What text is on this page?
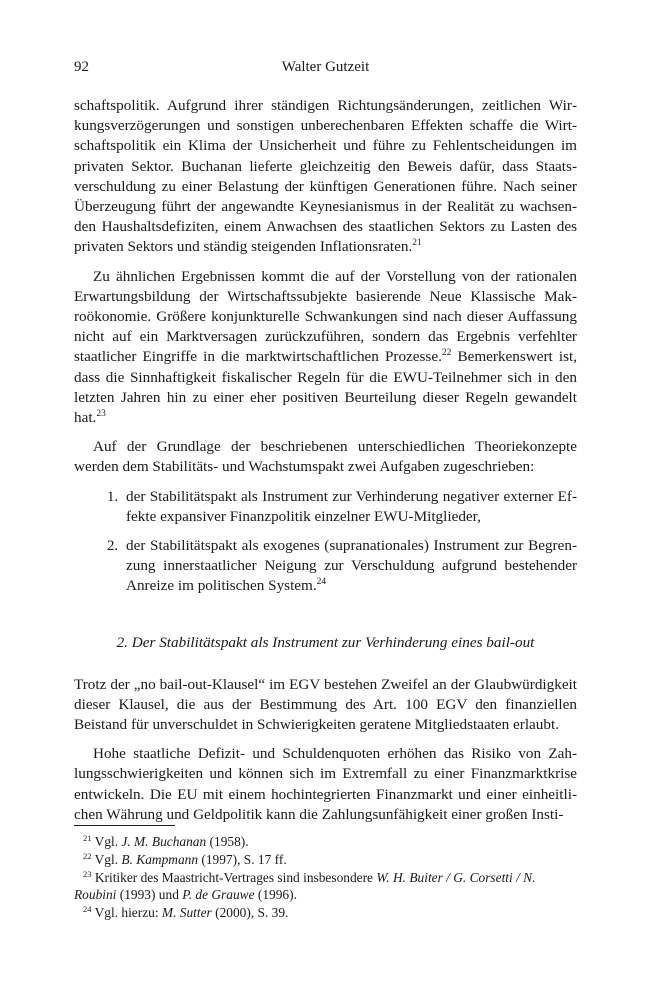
92	Walter Gutzeit

schaftspolitik. Aufgrund ihrer ständigen Richtungsänderungen, zeitlichen Wirkungsverzögerungen und sonstigen unberechenbaren Effekten schaffe die Wirtschaftspolitik ein Klima der Unsicherheit und führe zu Fehlentscheidungen im privaten Sektor. Buchanan lieferte gleichzeitig den Beweis dafür, dass Staatsverschuldung zu einer Belastung der künftigen Generationen führe. Nach seiner Überzeugung führt der angewandte Keynesianismus in der Realität zu wachsenden Haushaltsdefiziten, einem Anwachsen des staatlichen Sektors zu Lasten des privaten Sektors und ständig steigenden Inflationsraten.$^{21}$

Zu ähnlichen Ergebnissen kommt die auf der Vorstellung von der rationalen Erwartungsbildung der Wirtschaftssubjekte basierende Neue Klassische Makroökonomie. Größere konjunkturelle Schwankungen sind nach dieser Auffassung nicht auf ein Marktversagen zurückzuführen, sondern das Ergebnis verfehlter staatlicher Eingriffe in die marktwirtschaftlichen Prozesse.$^{22}$ Bemerkenswert ist, dass die Sinnhaftigkeit fiskalischer Regeln für die EWU-Teilnehmer sich in den letzten Jahren hin zu einer eher positiven Beurteilung dieser Regeln gewandelt hat.$^{23}$

Auf der Grundlage der beschriebenen unterschiedlichen Theoriekonzepte werden dem Stabilitäts- und Wachstumspakt zwei Aufgaben zugeschrieben:

1. der Stabilitätspakt als Instrument zur Verhinderung negativer externer Effekte expansiver Finanzpolitik einzelner EWU-Mitglieder,
2. der Stabilitätspakt als exogenes (supranationales) Instrument zur Begrenzung innerstaatlicher Neigung zur Verschuldung aufgrund bestehender Anreize im politischen System.$^{24}$
2. Der Stabilitätspakt als Instrument zur Verhinderung eines bail-out

Trotz der „no bail-out-Klausel“ im EGV bestehen Zweifel an der Glaubwürdigkeit dieser Klausel, die aus der Bestimmung des Art. 100 EGV den finanziellen Beistand für unverschuldet in Schwierigkeiten geratene Mitgliedstaaten erlaubt.

Hohe staatliche Defizit- und Schuldenquoten erhöhen das Risiko von Zahlungsschwierigkeiten und können sich im Extremfall zu einer Finanzmarktkrise entwickeln. Die EU mit einem hochintegrierten Finanzmarkt und einer einheitlichen Währung und Geldpolitik kann die Zahlungsunfähigkeit einer großen Insti-

$^{21}$ Vgl. J. M. Buchanan (1958).

$^{22}$ Vgl. B. Kampmann (1997), S. 17 ff.

$^{23}$ Kritiker des Maastricht-Vertrages sind insbesondere W. H. Buiter / G. Corsetti / N. Roubini (1993) und P. de Grauwe (1996).

$^{24}$ Vgl. hierzu: M. Sutter (2000), S. 39.
